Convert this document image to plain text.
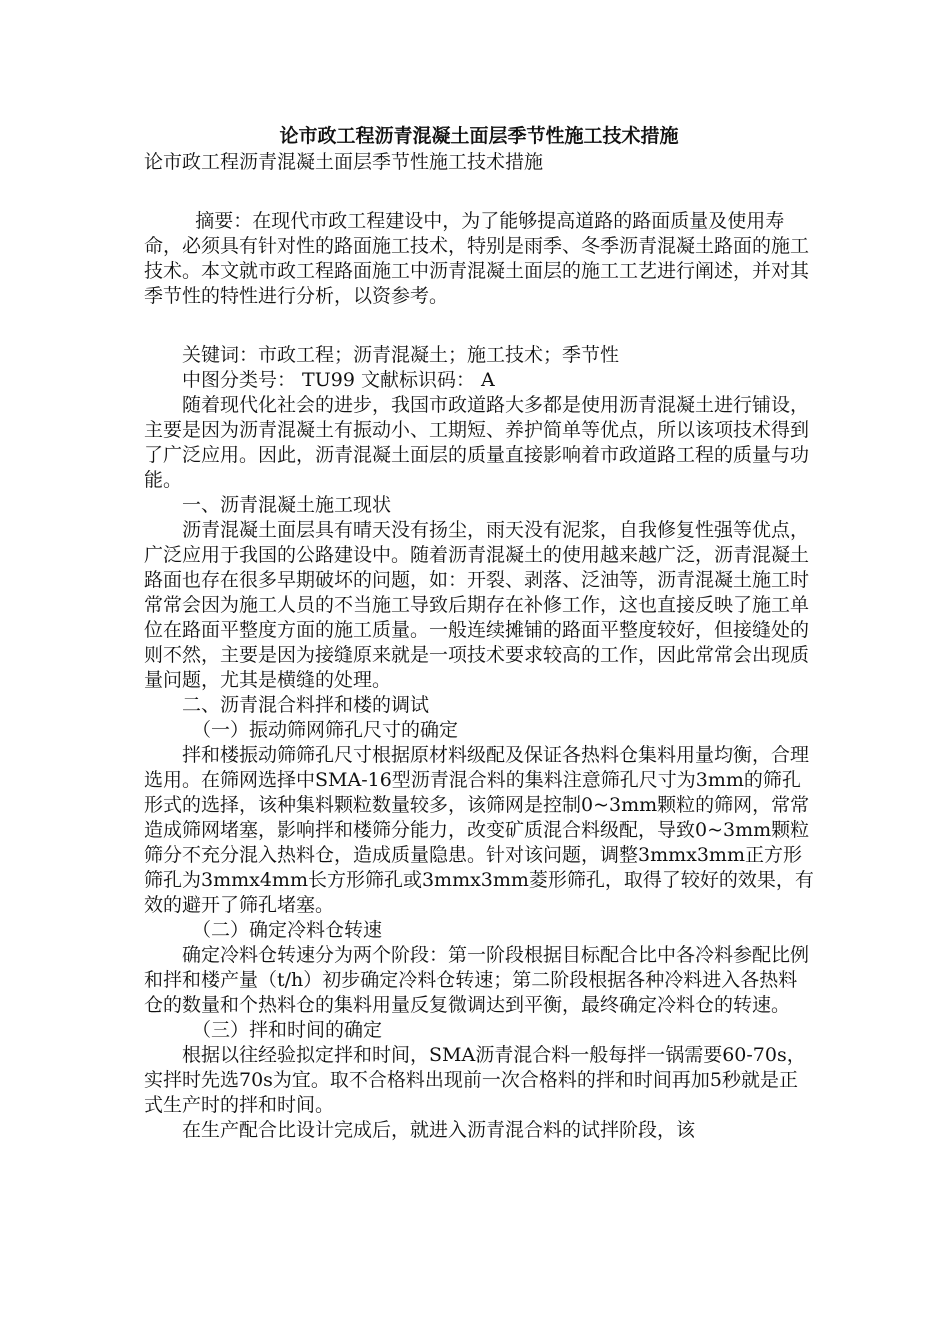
论市政工程沥青混凝土面层季节性施工技术措施
论市政工程沥青混凝土面层季节性施工技术措施

摘要：在现代市政工程建设中，为了能够提高道路的路面质量及使用寿命，必须具有针对性的路面施工技术，特别是雨季、冬季沥青混凝土路面的施工技术。本文就市政工程路面施工中沥青混凝土面层的施工工艺进行阐述，并对其季节性的特性进行分析，以资参考。

关键词：市政工程；沥青混凝土；施工技术；季节性

中图分类号： TU99 文献标识码： A

随着现代化社会的进步，我国市政道路大多都是使用沥青混凝土进行铺设，主要是因为沥青混凝土有振动小、工期短、养护简单等优点，所以该项技术得到了广泛应用。因此，沥青混凝土面层的质量直接影响着市政道路工程的质量与功能。

一、沥青混凝土施工现状

沥青混凝土面层具有晴天没有扬尘，雨天没有泥浆，自我修复性强等优点，广泛应用于我国的公路建设中。随着沥青混凝土的使用越来越广泛，沥青混凝土路面也存在很多早期破坏的问题，如：开裂、剥落、泛油等，沥青混凝土施工时常常会因为施工人员的不当施工导致后期存在补修工作，这也直接反映了施工单位在路面平整度方面的施工质量。一般连续摊铺的路面平整度较好，但接缝处的则不然，主要是因为接缝原来就是一项技术要求较高的工作，因此常常会出现质量问题，尤其是横缝的处理。

二、沥青混合料拌和楼的调试

（一）振动筛网筛孔尺寸的确定

拌和楼振动筛筛孔尺寸根据原材料级配及保证各热料仓集料用量均衡，合理选用。在筛网选择中SMA-16型沥青混合料的集料注意筛孔尺寸为3mm的筛孔形式的选择，该种集料颗粒数量较多，该筛网是控制0~3mm颗粒的筛网，常常造成筛网堵塞，影响拌和楼筛分能力，改变矿质混合料级配，导致0~3mm颗粒筛分不充分混入热料仓，造成质量隐患。针对该问题，调整3mmx3mm正方形筛孔为3mmx4mm长方形筛孔或3mmx3mm菱形筛孔，取得了较好的效果，有效的避开了筛孔堵塞。

（二）确定冷料仓转速

确定冷料仓转速分为两个阶段：第一阶段根据目标配合比中各冷料参配比例和拌和楼产量（t/h）初步确定冷料仓转速；第二阶段根据各种冷料进入各热料仓的数量和个热料仓的集料用量反复微调达到平衡，最终确定冷料仓的转速。

（三）拌和时间的确定

根据以往经验拟定拌和时间，SMA沥青混合料一般每拌一锅需要60-70s，实拌时先选70s为宜。取不合格料出现前一次合格料的拌和时间再加5秒就是正式生产时的拌和时间。

在生产配合比设计完成后，就进入沥青混合料的试拌阶段，该
